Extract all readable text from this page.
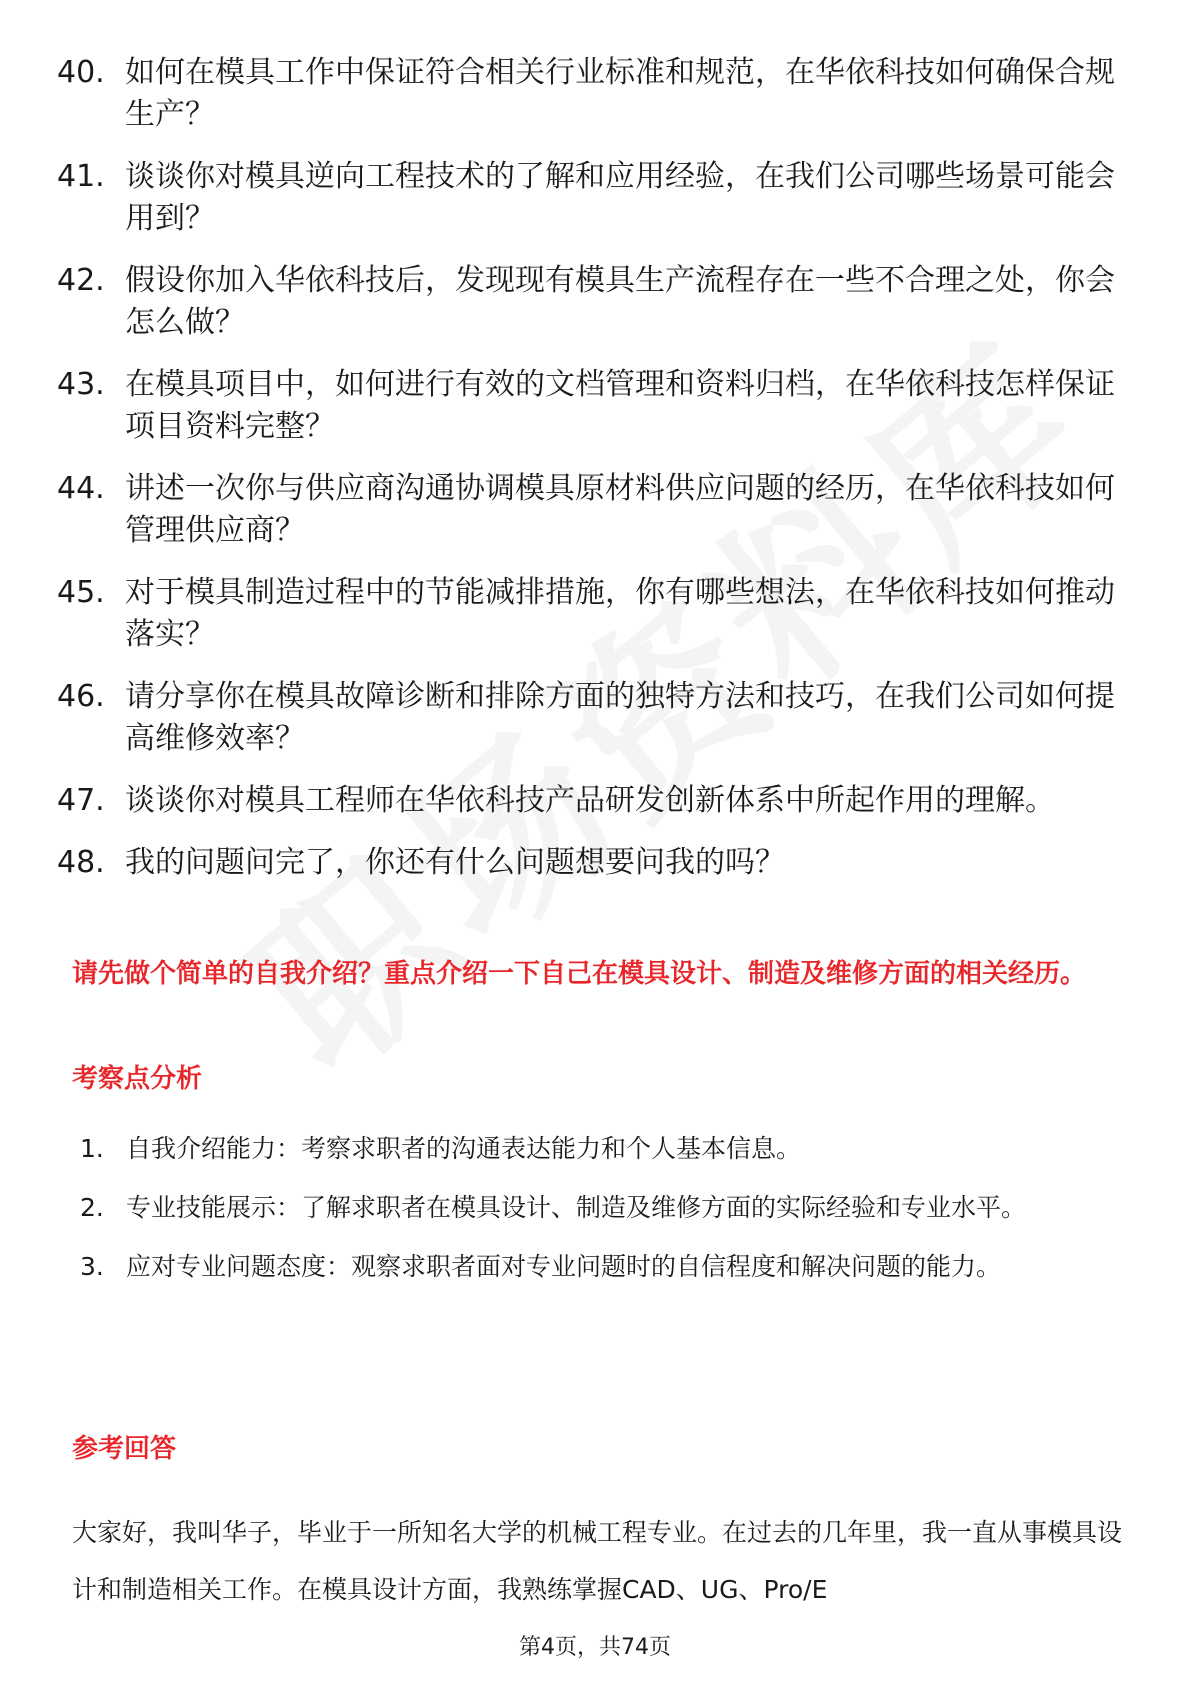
40. 如何在模具工作中保证符合相关行业标准和规范，在华依科技如何确保合规生产？
41. 谈谈你对模具逆向工程技术的了解和应用经验，在我们公司哪些场景可能会用到？
42. 假设你加入华依科技后，发现现有模具生产流程存在一些不合理之处，你会怎么做？
43. 在模具项目中，如何进行有效的文档管理和资料归档，在华依科技怎样保证项目资料完整？
44. 讲述一次你与供应商沟通协调模具原材料供应问题的经历，在华依科技如何管理供应商？
45. 对于模具制造过程中的节能减排措施，你有哪些想法，在华依科技如何推动落实？
46. 请分享你在模具故障诊断和排除方面的独特方法和技巧，在我们公司如何提高维修效率？
47. 谈谈你对模具工程师在华依科技产品研发创新体系中所起作用的理解。
48. 我的问题问完了，你还有什么问题想要问我的吗？

请先做个简单的自我介绍？重点介绍一下自己在模具设计、制造及维修方面的相关经历。

考察点分析
1. 自我介绍能力：考察求职者的沟通表达能力和个人基本信息。
2. 专业技能展示：了解求职者在模具设计、制造及维修方面的实际经验和专业水平。
3. 应对专业问题态度：观察求职者面对专业问题时的自信程度和解决问题的能力。
参考回答

大家好，我叫华子，毕业于一所知名大学的机械工程专业。在过去的几年里，我一直从事模具设计和制造相关工作。在模具设计方面，我熟练掌握CAD、UG、Pro/E

第4页，共74页
